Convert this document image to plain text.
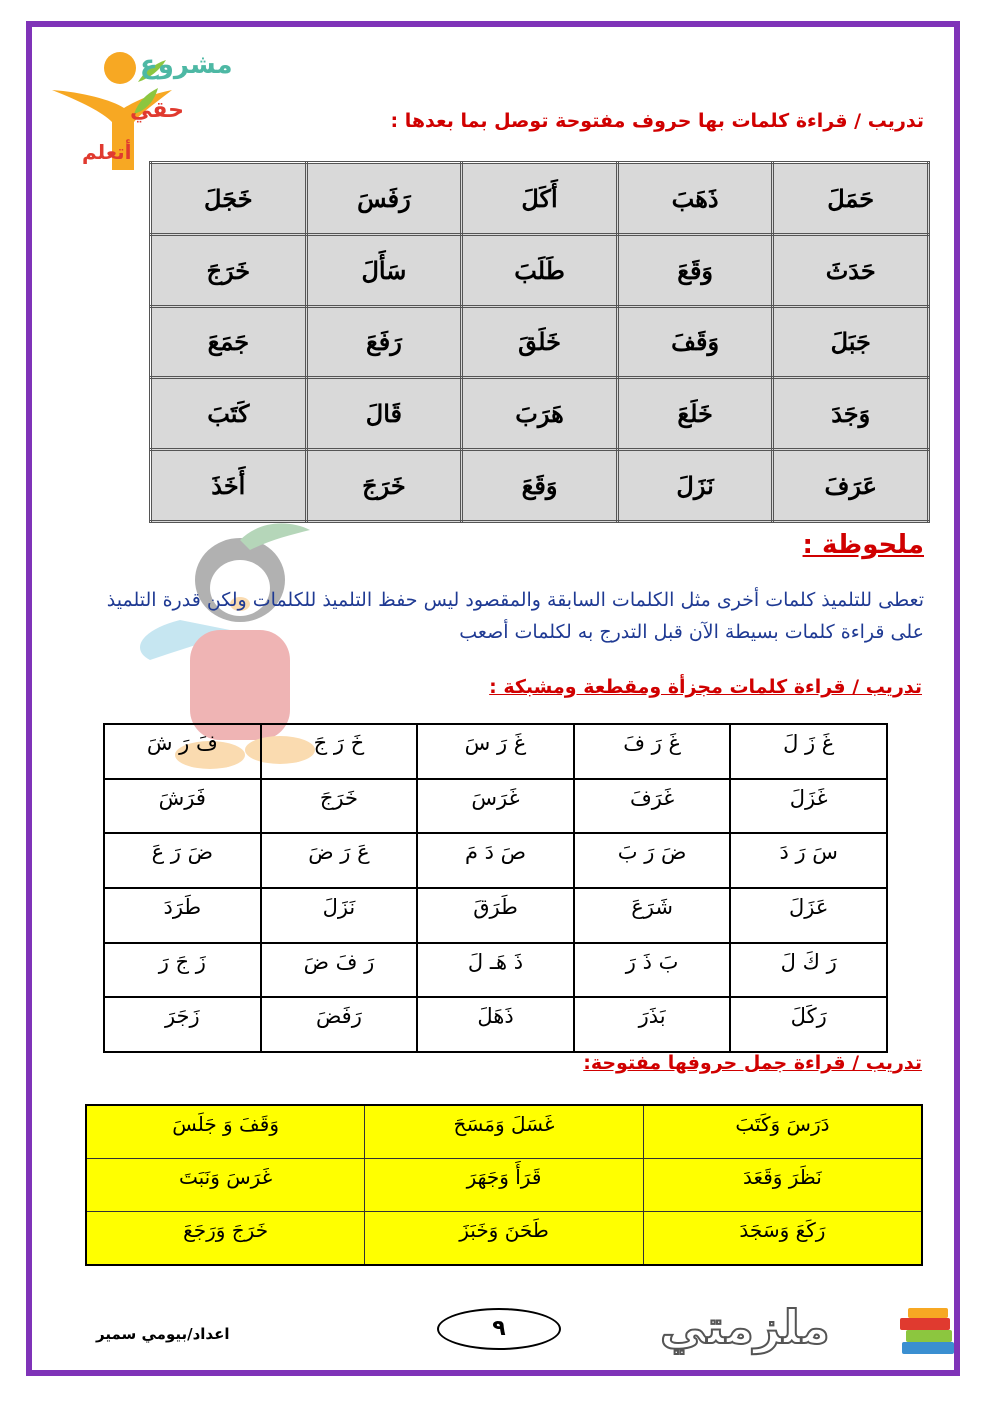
مشروع
حقي
أتعلم
تدريب / قراءة كلمات بها حروف مفتوحة توصل بما بعدها :
حَمَلَ	ذَهَبَ	أَكَلَ	رَفَسَ	خَجَلَ
حَدَثَ	وَقَعَ	طَلَبَ	سَأَلَ	خَرَجَ
جَبَلَ	وَقَفَ	خَلَقَ	رَفَعَ	جَمَعَ
وَجَدَ	خَلَعَ	هَرَبَ	قَالَ	كَتَبَ
عَرَفَ	نَزَلَ	وَقَعَ	خَرَجَ	أَخَذَ
ملحوظة :
تعطى للتلميذ كلمات أخرى مثل الكلمات السابقة والمقصود ليس حفظ التلميذ للكلمات ولكن قدرة التلميذ
على قراءة كلمات بسيطة الآن قبل التدرج به لكلمات أصعب
تدريب / قراءة كلمات مجزأة ومقطعة ومشبكة :
غَ زَ لَ	غَ رَ فَ	غَ رَ سَ	خَ رَ جَ	فَ رَ شَ
غَزَلَ	غَرَفَ	غَرَسَ	خَرَجَ	فَرَشَ
سَ رَ دَ	ضَ رَ بَ	صَ دَ مَ	عَ رَ ضَ	ضَ رَ عَ
عَزَلَ	شَرَعَ	طَرَقَ	نَزَلَ	طَرَدَ
رَ كَ لَ	بَ ذَ رَ	ذَ هَـ لَ	رَ فَ ضَ	زَ جَ رَ
رَكَلَ	بَذَرَ	ذَهَلَ	رَفَضَ	زَجَرَ
تدريب / قراءة جمل حروفها مفتوحة:
دَرَسَ وَكَتَبَ	غَسَلَ وَمَسَحَ	وَقَفَ وَ جَلَسَ
نَظَرَ وَقَعَدَ	قَرَأَ وَجَهَرَ	غَرَسَ وَنَبَتَ
رَكَعَ وَسَجَدَ	طَحَنَ وَخَبَزَ	خَرَجَ وَرَجَعَ
٩
اعداد/بيومي سمير	ملزمتي
